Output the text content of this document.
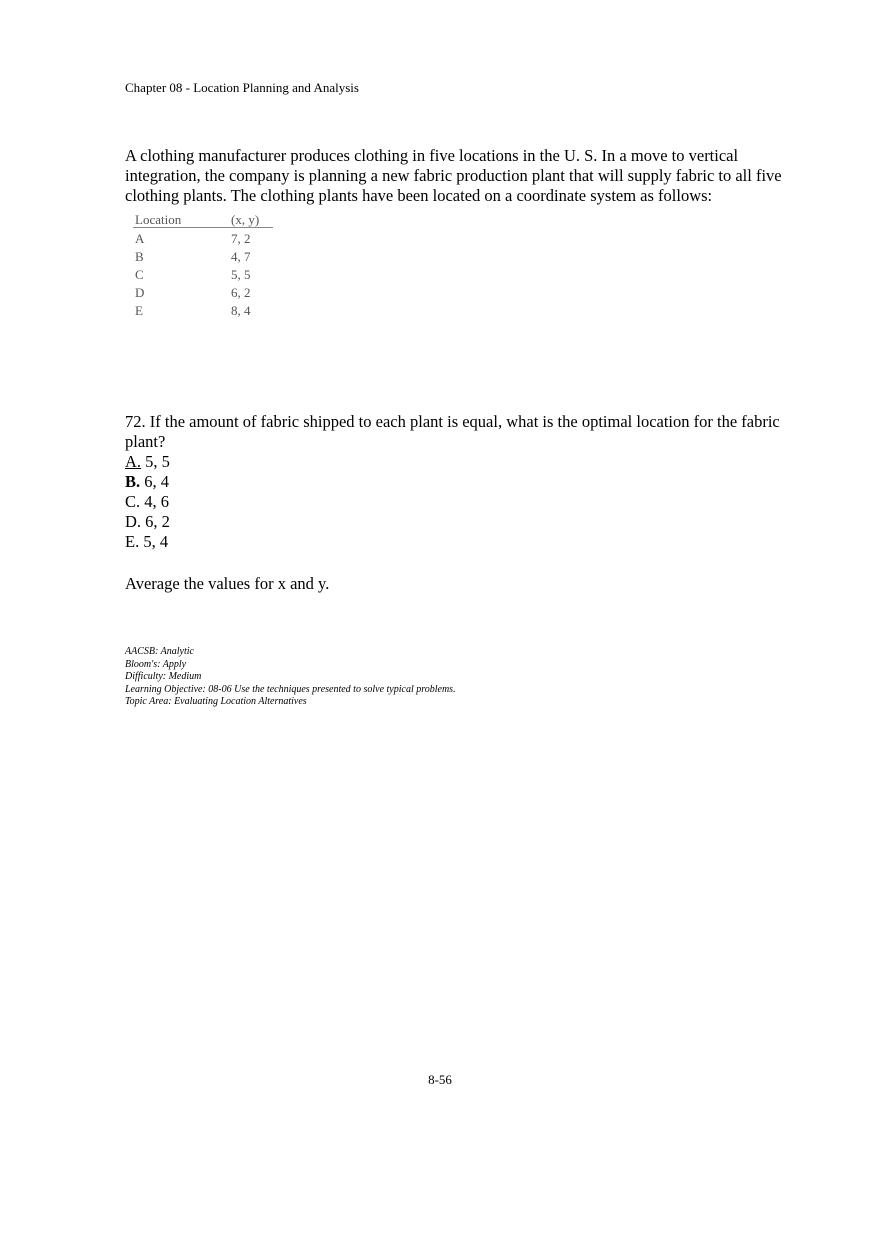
Chapter 08 - Location Planning and Analysis
A clothing manufacturer produces clothing in five locations in the U. S. In a move to vertical integration, the company is planning a new fabric production plant that will supply fabric to all five clothing plants. The clothing plants have been located on a coordinate system as follows:
Location	(x, y)
A	7, 2
B	4, 7
C	5, 5
D	6, 2
E	8, 4
72. If the amount of fabric shipped to each plant is equal, what is the optimal location for the fabric plant?
A. 5, 5
B. 6, 4
C. 4, 6
D. 6, 2
E. 5, 4
Average the values for x and y.
AACSB: Analytic
Bloom's: Apply
Difficulty: Medium
Learning Objective: 08-06 Use the techniques presented to solve typical problems.
Topic Area: Evaluating Location Alternatives
8-56
